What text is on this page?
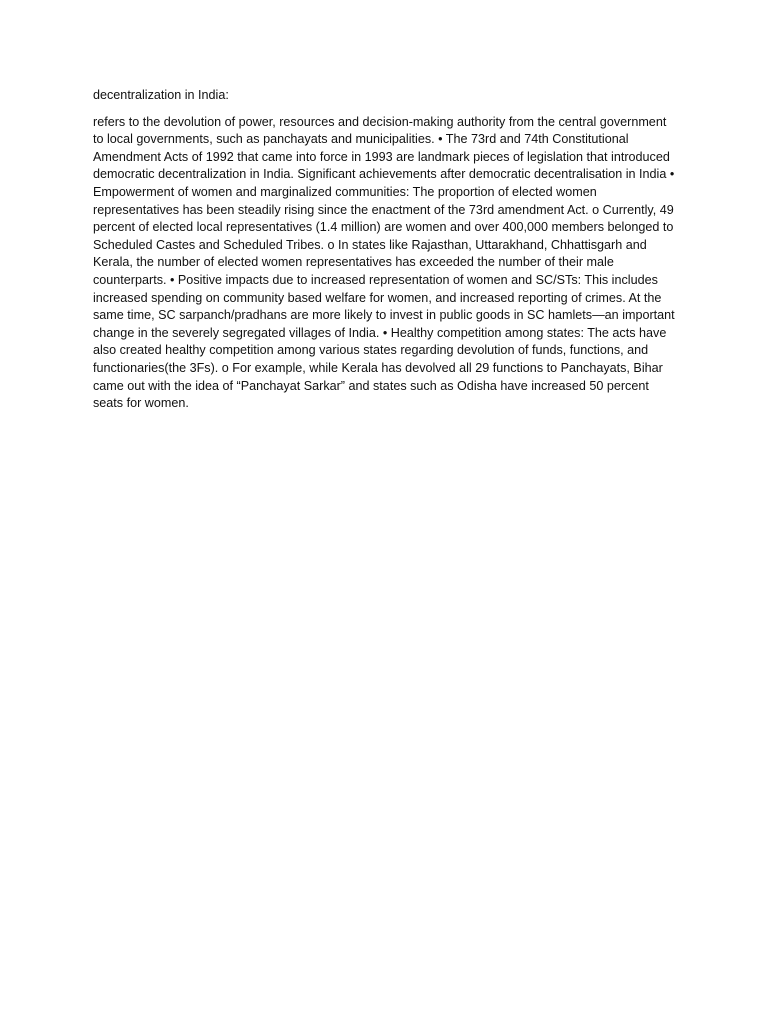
decentralization in India:

refers to the devolution of power, resources and decision-making authority from the central government to local governments, such as panchayats and municipalities. • The 73rd and 74th Constitutional Amendment Acts of 1992 that came into force in 1993 are landmark pieces of legislation that introduced democratic decentralization in India. Significant achievements after democratic decentralisation in India • Empowerment of women and marginalized communities: The proportion of elected women representatives has been steadily rising since the enactment of the 73rd amendment Act. o Currently, 49 percent of elected local representatives (1.4 million) are women and over 400,000 members belonged to Scheduled Castes and Scheduled Tribes. o In states like Rajasthan, Uttarakhand, Chhattisgarh and Kerala, the number of elected women representatives has exceeded the number of their male counterparts. • Positive impacts due to increased representation of women and SC/STs: This includes increased spending on community based welfare for women, and increased reporting of crimes. At the same time, SC sarpanch/pradhans are more likely to invest in public goods in SC hamlets—an important change in the severely segregated villages of India. • Healthy competition among states: The acts have also created healthy competition among various states regarding devolution of funds, functions, and functionaries(the 3Fs). o For example, while Kerala has devolved all 29 functions to Panchayats, Bihar came out with the idea of “Panchayat Sarkar” and states such as Odisha have increased 50 percent seats for women.
